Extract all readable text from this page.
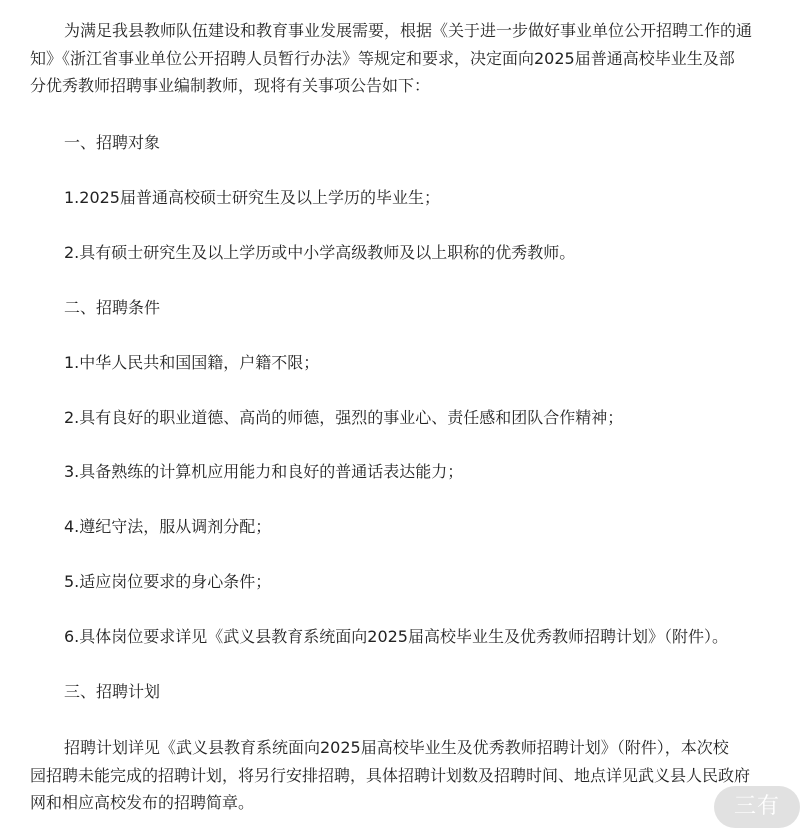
为满足我县教师队伍建设和教育事业发展需要，根据《关于进一步做好事业单位公开招聘工作的通
知》《浙江省事业单位公开招聘人员暂行办法》等规定和要求，决定面向2025届普通高校毕业生及部
分优秀教师招聘事业编制教师，现将有关事项公告如下：

一、招聘对象

1.2025届普通高校硕士研究生及以上学历的毕业生；

2.具有硕士研究生及以上学历或中小学高级教师及以上职称的优秀教师。

二、招聘条件

1.中华人民共和国国籍，户籍不限；

2.具有良好的职业道德、高尚的师德，强烈的事业心、责任感和团队合作精神；

3.具备熟练的计算机应用能力和良好的普通话表达能力；

4.遵纪守法，服从调剂分配；

5.适应岗位要求的身心条件；

6.具体岗位要求详见《武义县教育系统面向2025届高校毕业生及优秀教师招聘计划》（附件）。

三、招聘计划

招聘计划详见《武义县教育系统面向2025届高校毕业生及优秀教师招聘计划》（附件），本次校
园招聘未能完成的招聘计划，将另行安排招聘，具体招聘计划数及招聘时间、地点详见武义县人民政府
网和相应高校发布的招聘简章。	三有
